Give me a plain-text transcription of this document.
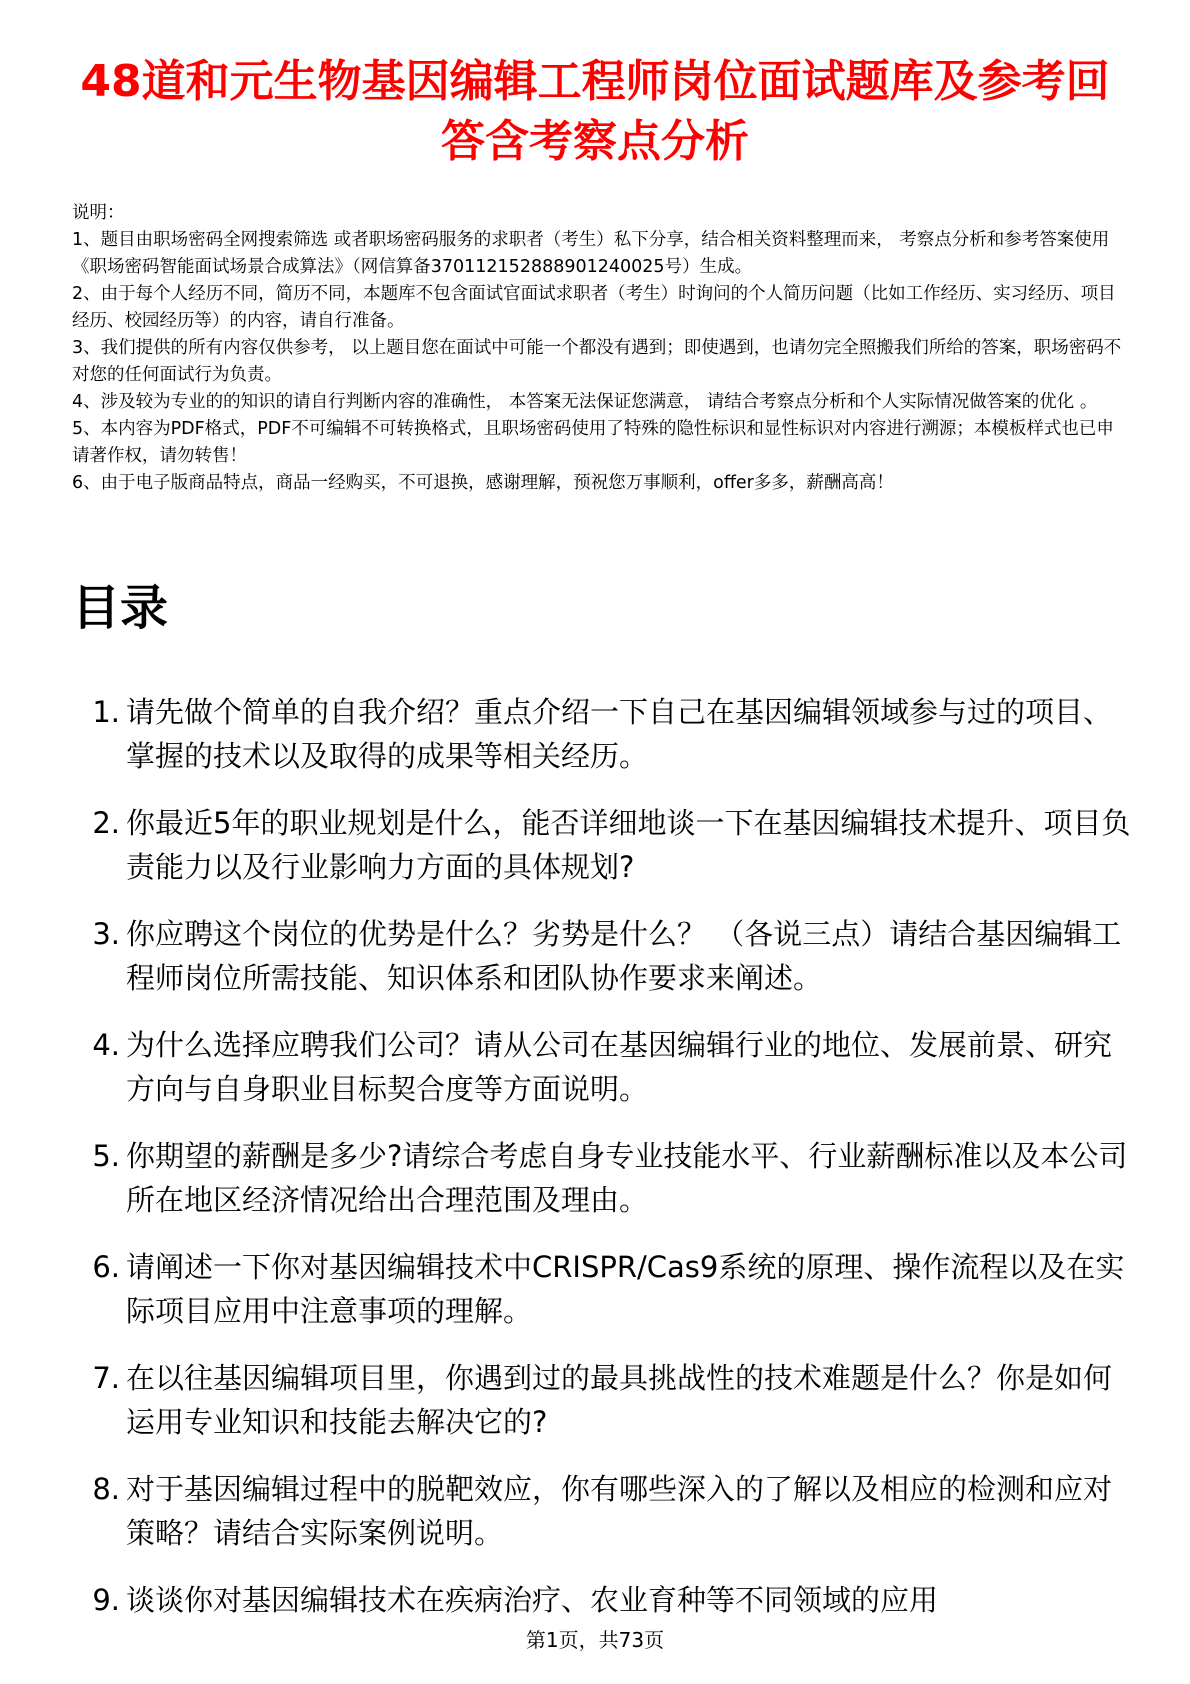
48道和元生物基因编辑工程师岗位面试题库及参考回答含考察点分析

说明：

1、题目由职场密码全网搜索筛选 或者职场密码服务的求职者（考生）私下分享，结合相关资料整理而来， 考察点分析和参考答案使用《职场密码智能面试场景合成算法》（网信算备370112152888901240025号）生成。

2、由于每个人经历不同，简历不同，本题库不包含面试官面试求职者（考生）时询问的个人简历问题（比如工作经历、实习经历、项目经历、校园经历等）的内容，请自行准备。

3、我们提供的所有内容仅供参考， 以上题目您在面试中可能一个都没有遇到；即使遇到，也请勿完全照搬我们所给的答案，职场密码不对您的任何面试行为负责。

4、涉及较为专业的的知识的请自行判断内容的准确性， 本答案无法保证您满意， 请结合考察点分析和个人实际情况做答案的优化 。

5、本内容为PDF格式，PDF不可编辑不可转换格式，且职场密码使用了特殊的隐性标识和显性标识对内容进行溯源；本模板样式也已申请著作权，请勿转售！

6、由于电子版商品特点，商品一经购买，不可退换，感谢理解，预祝您万事顺利，offer多多，薪酬高高！

目录
1. 请先做个简单的自我介绍？重点介绍一下自己在基因编辑领域参与过的项目、掌握的技术以及取得的成果等相关经历。
2. 你最近5年的职业规划是什么，能否详细地谈一下在基因编辑技术提升、项目负责能力以及行业影响力方面的具体规划?
3. 你应聘这个岗位的优势是什么？劣势是什么？ （各说三点）请结合基因编辑工程师岗位所需技能、知识体系和团队协作要求来阐述。
4. 为什么选择应聘我们公司？请从公司在基因编辑行业的地位、发展前景、研究方向与自身职业目标契合度等方面说明。
5. 你期望的薪酬是多少?请综合考虑自身专业技能水平、行业薪酬标准以及本公司所在地区经济情况给出合理范围及理由。
6. 请阐述一下你对基因编辑技术中CRISPR/Cas9系统的原理、操作流程以及在实际项目应用中注意事项的理解。
7. 在以往基因编辑项目里，你遇到过的最具挑战性的技术难题是什么？你是如何运用专业知识和技能去解决它的?
8. 对于基因编辑过程中的脱靶效应，你有哪些深入的了解以及相应的检测和应对策略？请结合实际案例说明。
9. 谈谈你对基因编辑技术在疾病治疗、农业育种等不同领域的应用
第1页，共73页
